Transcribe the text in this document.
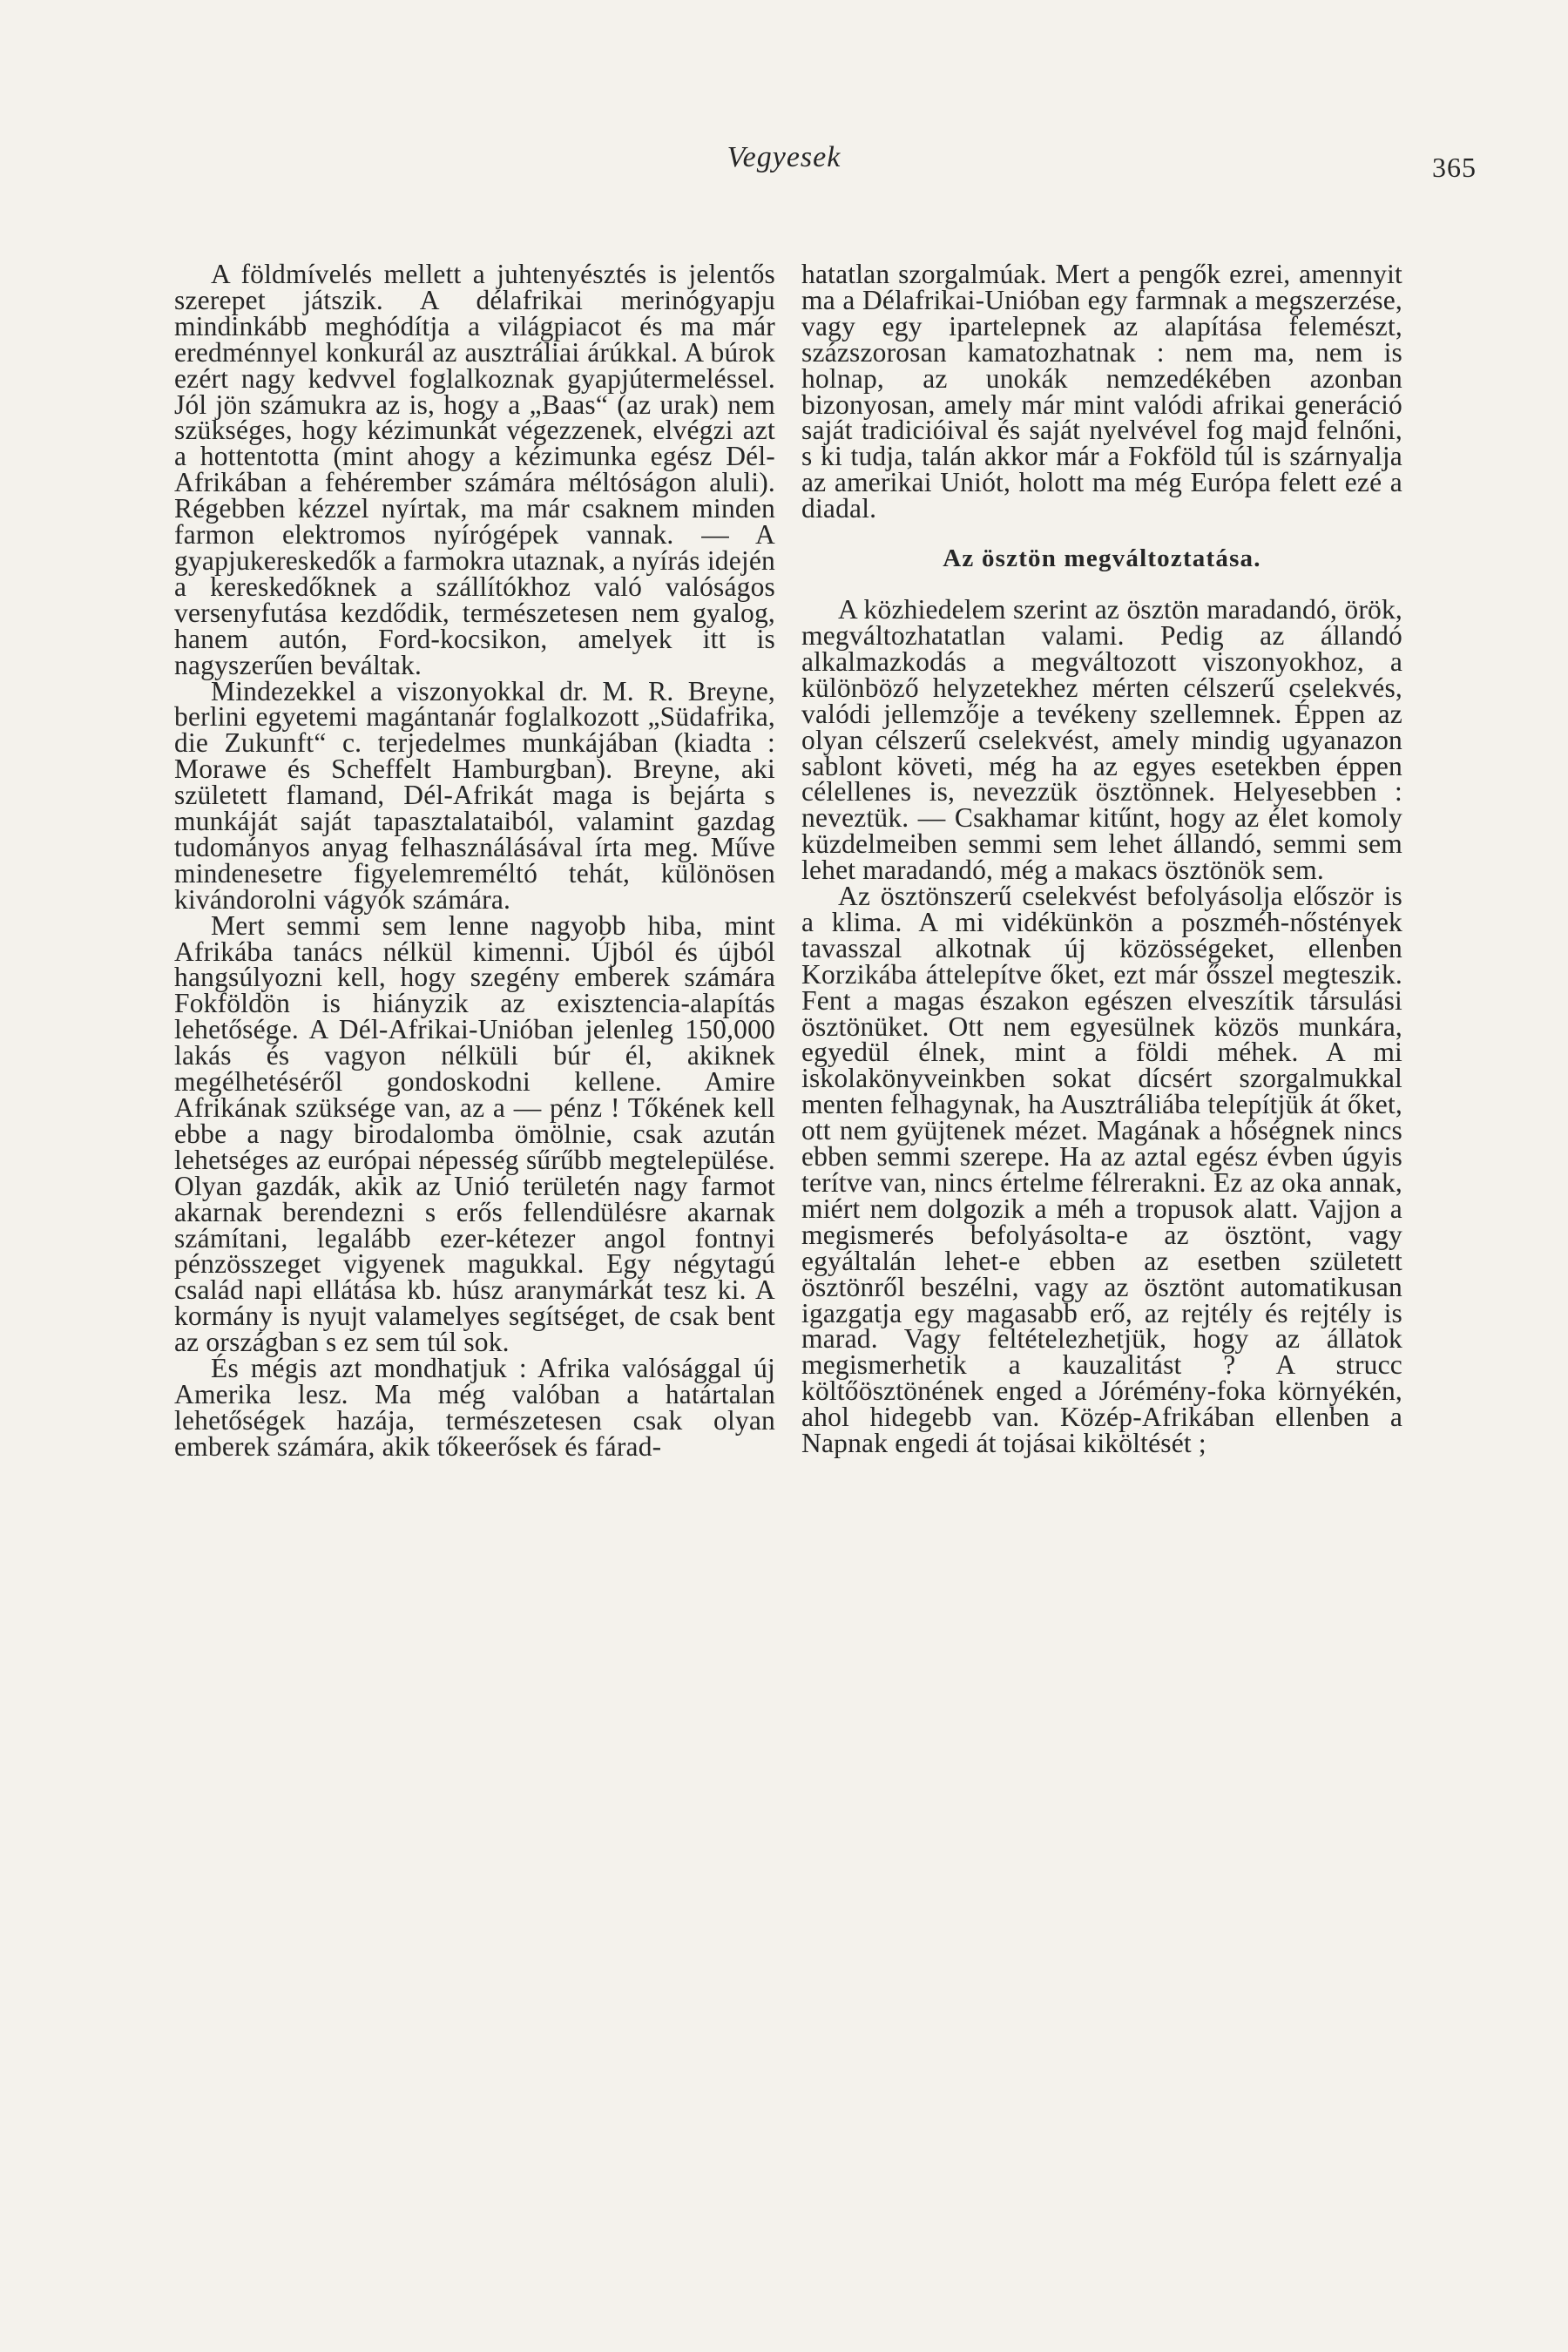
Vegyesek	365

A földmívelés mellett a juhtenyésztés is jelentős szerepet játszik. A délafrikai merinógyapju mindinkább meghódítja a világpiacot és ma már eredménnyel konkurál az ausztráliai árúkkal. A búrok ezért nagy kedvvel foglalkoznak gyapjútermeléssel. Jól jön számukra az is, hogy a „Baas“ (az urak) nem szükséges, hogy kézimunkát végezzenek, elvégzi azt a hottentotta (mint ahogy a kézimunka egész Dél-Afrikában a fehérember számára méltóságon aluli). Régebben kézzel nyírtak, ma már csaknem minden farmon elektromos nyírógépek vannak. — A gyapjukereskedők a farmokra utaznak, a nyírás idején a kereskedőknek a szállítókhoz való valóságos versenyfutása kezdődik, természetesen nem gyalog, hanem autón, Ford-kocsikon, amelyek itt is nagyszerűen beváltak.

Mindezekkel a viszonyokkal dr. M. R. Breyne, berlini egyetemi magántanár foglalkozott „Südafrika, die Zukunft“ c. terjedelmes munkájában (kiadta : Morawe és Scheffelt Hamburgban). Breyne, aki született flamand, Dél-Afrikát maga is bejárta s munkáját saját tapasztalataiból, valamint gazdag tudományos anyag felhasználásával írta meg. Műve mindenesetre figyelemreméltó tehát, különösen kivándorolni vágyók számára.

Mert semmi sem lenne nagyobb hiba, mint Afrikába tanács nélkül kimenni. Újból és újból hangsúlyozni kell, hogy szegény emberek számára Fokföldön is hiányzik az exisztencia-alapítás lehetősége. A Dél-Afrikai-Unióban jelenleg 150,000 lakás és vagyon nélküli búr él, akiknek megélhetéséről gondoskodni kellene. Amire Afrikának szüksége van, az a — pénz ! Tőkének kell ebbe a nagy birodalomba ömölnie, csak azután lehetséges az európai népesség sűrűbb megtelepülése. Olyan gazdák, akik az Unió területén nagy farmot akarnak berendezni s erős fellendülésre akarnak számítani, legalább ezer-kétezer angol fontnyi pénzösszeget vigyenek magukkal. Egy négytagú család napi ellátása kb. húsz aranymárkát tesz ki. A kormány is nyujt valamelyes segítséget, de csak bent az országban s ez sem túl sok.

És mégis azt mondhatjuk : Afrika valósággal új Amerika lesz. Ma még valóban a határtalan lehetőségek hazája, természetesen csak olyan emberek számára, akik tőkeerősek és fárad-

hatatlan szorgalmúak. Mert a pengők ezrei, amennyit ma a Délafrikai-Unióban egy farmnak a megszerzése, vagy egy ipartelepnek az alapítása felemészt, százszorosan kamatozhatnak : nem ma, nem is holnap, az unokák nemzedékében azonban bizonyosan, amely már mint valódi afrikai generáció saját tradicióival és saját nyelvével fog majd felnőni, s ki tudja, talán akkor már a Fokföld túl is szárnyalja az amerikai Uniót, holott ma még Európa felett ezé a diadal.

Az ösztön megváltoztatása.

A közhiedelem szerint az ösztön maradandó, örök, megváltozhatatlan valami. Pedig az állandó alkalmazkodás a megváltozott viszonyokhoz, a különböző helyzetekhez mérten célszerű cselekvés, valódi jellemzője a tevékeny szellemnek. Éppen az olyan célszerű cselekvést, amely mindig ugyanazon sablont követi, még ha az egyes esetekben éppen célellenes is, nevezzük ösztönnek. Helyesebben : neveztük. — Csakhamar kitűnt, hogy az élet komoly küzdelmeiben semmi sem lehet állandó, semmi sem lehet maradandó, még a makacs ösztönök sem.

Az ösztönszerű cselekvést befolyásolja először is a klima. A mi vidékünkön a poszméh-nőstények tavasszal alkotnak új közösségeket, ellenben Korzikába áttelepítve őket, ezt már ősszel megteszik. Fent a magas északon egészen elveszítik társulási ösztönüket. Ott nem egyesülnek közös munkára, egyedül élnek, mint a földi méhek. A mi iskolakönyveinkben sokat dícsért szorgalmukkal menten felhagynak, ha Ausztráliába telepítjük át őket, ott nem gyüjtenek mézet. Magának a hőségnek nincs ebben semmi szerepe. Ha az aztal egész évben úgyis terítve van, nincs értelme félrerakni. Ez az oka annak, miért nem dolgozik a méh a tropusok alatt. Vajjon a megismerés befolyásolta-e az ösztönt, vagy egyáltalán lehet-e ebben az esetben született ösztönről beszélni, vagy az ösztönt automatikusan igazgatja egy magasabb erő, az rejtély és rejtély is marad. Vagy feltételezhetjük, hogy az állatok megismerhetik a kauzalitást ? A strucc költőösztönének enged a Jórémény-foka környékén, ahol hidegebb van. Közép-Afrikában ellenben a Napnak engedi át tojásai kiköltését ;
